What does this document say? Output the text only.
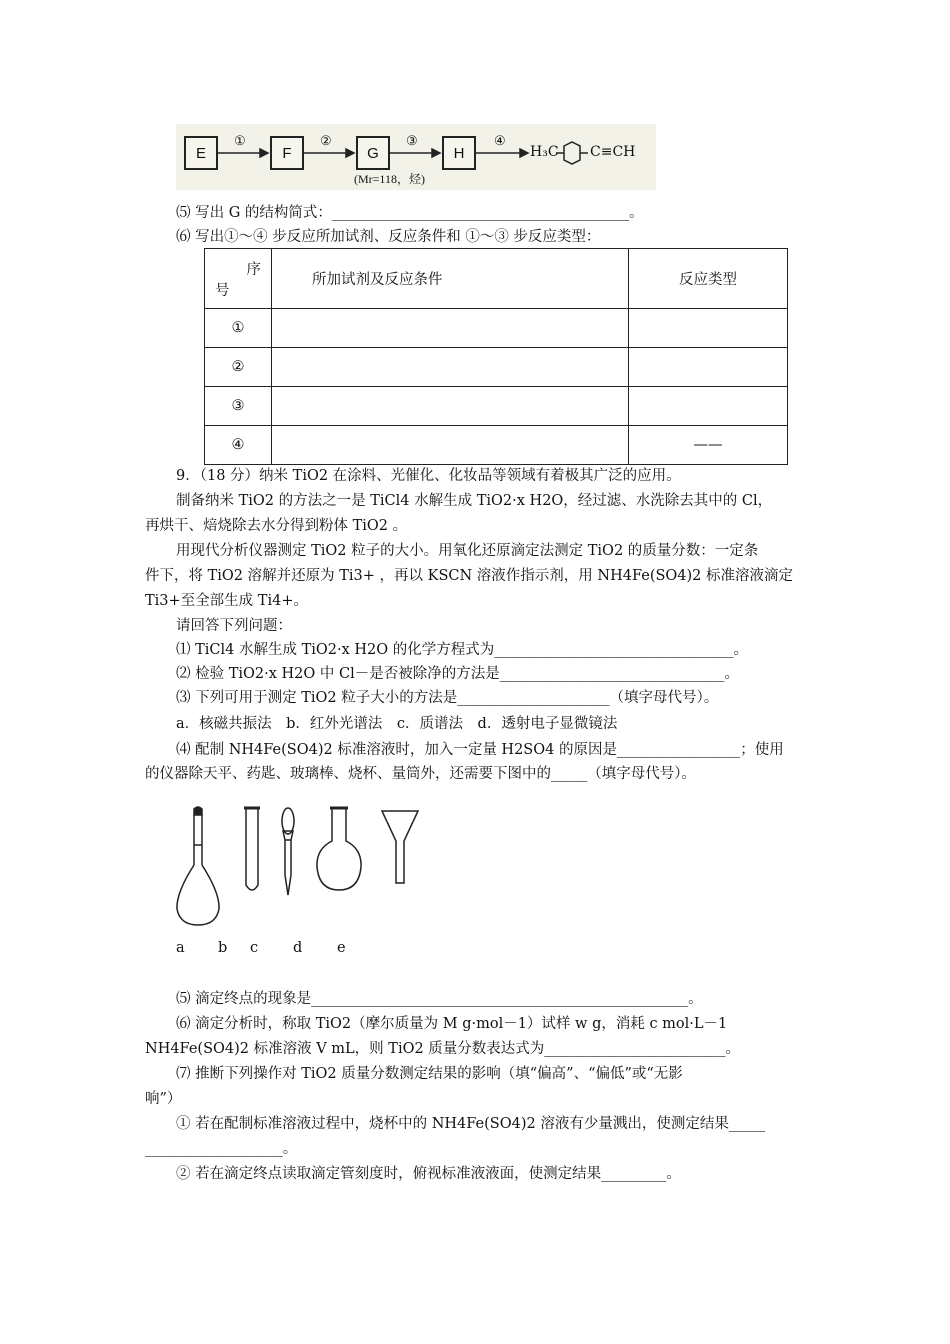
E	F	G	H
①	②	③	④
H₃C C≡CH
(Mr=118，烃)
⑸ 写出 G 的结构简式：_________________________________________。
⑹ 写出①～④ 步反应所加试剂、反应条件和 ①～③ 步反应类型：
序
号	所加试剂及反应条件	反应类型
①		
②		
③		
④		——
9．（18 分）纳米 TiO2 在涂料、光催化、化妆品等领域有着极其广泛的应用。
制备纳米 TiO2 的方法之一是 TiCl4 水解生成 TiO2·x H2O，经过滤、水洗除去其中的 Cl，
再烘干、焙烧除去水分得到粉体 TiO2 。
用现代分析仪器测定 TiO2 粒子的大小。用氧化还原滴定法测定 TiO2 的质量分数：一定条
件下，将 TiO2 溶解并还原为 Ti3+ ，再以 KSCN 溶液作指示剂，用 NH4Fe(SO4)2 标准溶液滴定
Ti3+至全部生成 Ti4+。
请回答下列问题：
⑴ TiCl4 水解生成 TiO2·x H2O 的化学方程式为_________________________________。
⑵ 检验 TiO2·x H2O 中 Cl－是否被除净的方法是_______________________________。
⑶ 下列可用于测定 TiO2 粒子大小的方法是_____________________（填字母代号）。
a．核磁共振法　b．红外光谱法　c．质谱法　d．透射电子显微镜法
⑷ 配制 NH4Fe(SO4)2 标准溶液时，加入一定量 H2SO4 的原因是_________________；使用
的仪器除天平、药匙、玻璃棒、烧杯、量筒外，还需要下图中的_____（填字母代号）。
a b c d e
⑸ 滴定终点的现象是____________________________________________________。
⑹ 滴定分析时，称取 TiO2（摩尔质量为 M g·mol－1）试样 w g，消耗 c mol·L－1
NH4Fe(SO4)2 标准溶液 V mL，则 TiO2 质量分数表达式为_________________________。
⑺ 推断下列操作对 TiO2 质量分数测定结果的影响（填“偏高”、“偏低”或“无影
响”）
① 若在配制标准溶液过程中，烧杯中的 NH4Fe(SO4)2 溶液有少量溅出，使测定结果_____
___________________。
② 若在滴定终点读取滴定管刻度时，俯视标准液液面，使测定结果_________。
